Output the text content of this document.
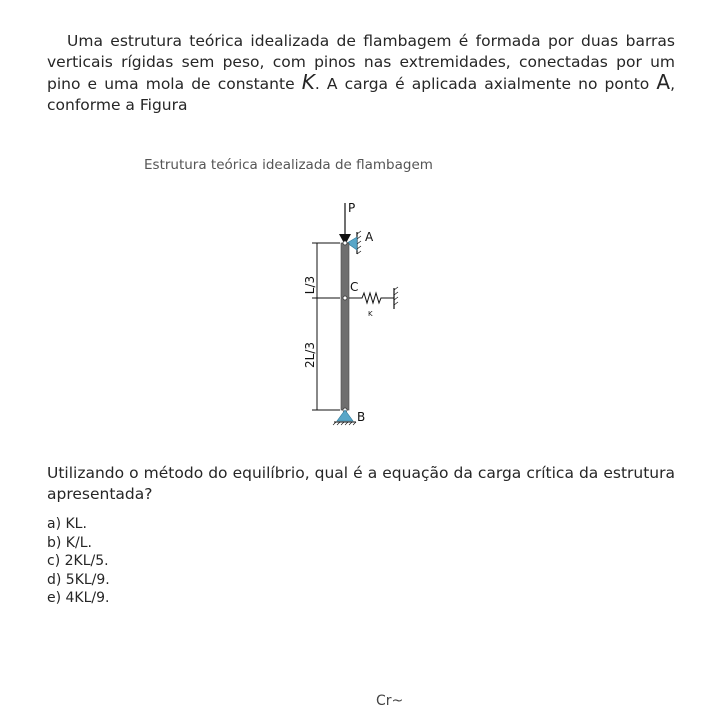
Uma estrutura teórica idealizada de flambagem é formada por duas barras verticais rígidas sem peso, com pinos nas extremidades, conectadas por um pino e uma mola de constante K. A carga é aplicada axialmente no ponto A, conforme a Figura
Estrutura teórica idealizada de flambagem
P
A
C
K
L/3
2L/3
B
Utilizando o método do equilíbrio, qual é a equação da carga crítica da estrutura apresentada?
a) KL.
b) K/L.
c) 2KL/5.
d) 5KL/9.
e) 4KL/9.
Cr~
